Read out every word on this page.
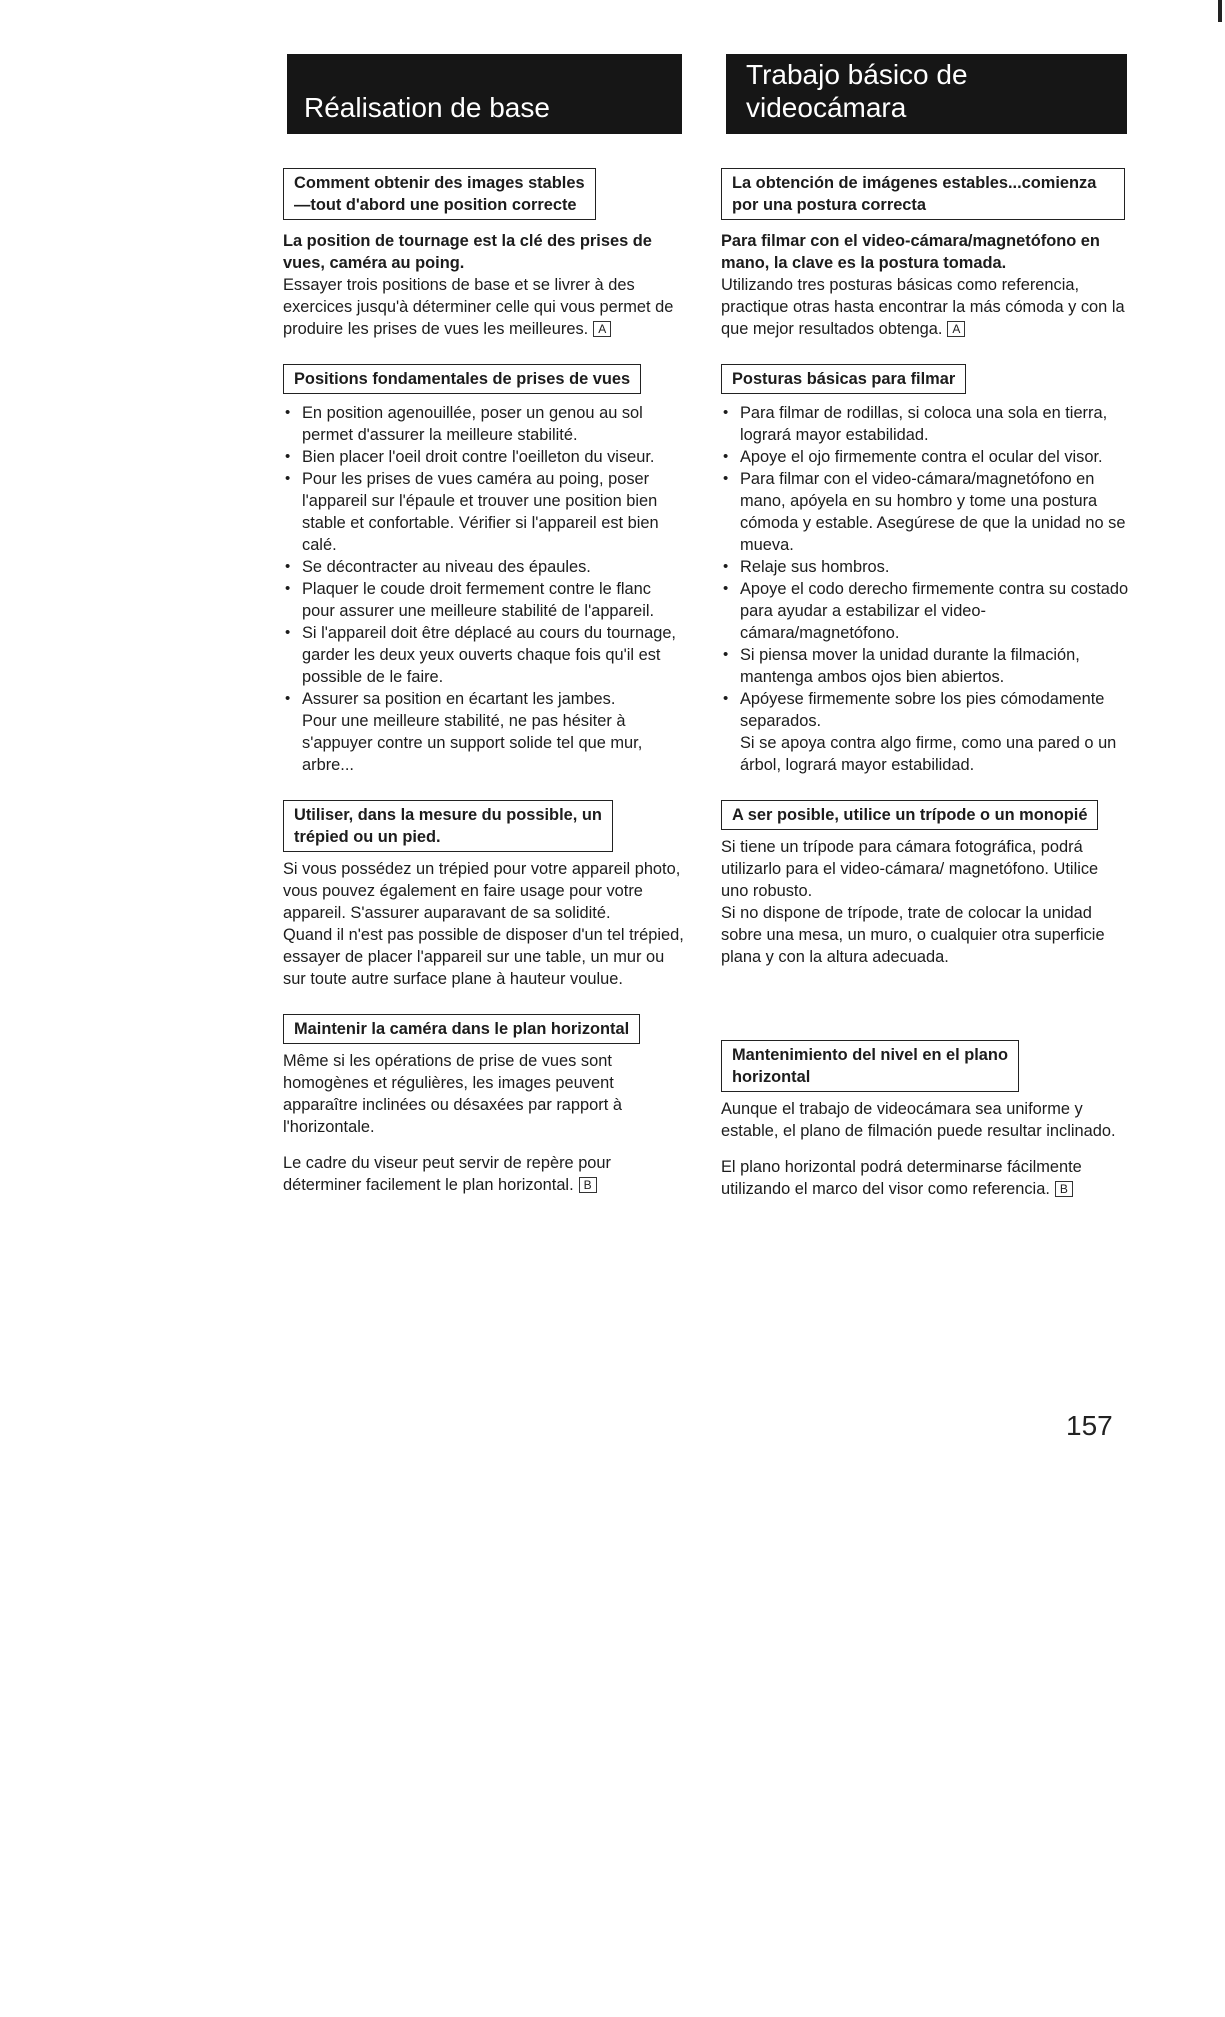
Réalisation de base
Trabajo básico de
videocámara
Comment obtenir des images stables
—tout d'abord une position correcte

La position de tournage est la clé des prises de vues, caméra au poing.

Essayer trois positions de base et se livrer à des exercices jusqu'à déterminer celle qui vous permet de produire les prises de vues les meilleures. A

Positions fondamentales de prises de vues
• En position agenouillée, poser un genou au sol permet d'assurer la meilleure stabilité.
• Bien placer l'oeil droit contre l'oeilleton du viseur.
• Pour les prises de vues caméra au poing, poser l'appareil sur l'épaule et trouver une position bien stable et confortable. Vérifier si l'appareil est bien calé.
• Se décontracter au niveau des épaules.
• Plaquer le coude droit fermement contre le flanc pour assurer une meilleure stabilité de l'appareil.
• Si l'appareil doit être déplacé au cours du tournage, garder les deux yeux ouverts chaque fois qu'il est possible de le faire.
• Assurer sa position en écartant les jambes.

Pour une meilleure stabilité, ne pas hésiter à s'appuyer contre un support solide tel que mur, arbre...

Utiliser, dans la mesure du possible, un
trépied ou un pied.

Si vous possédez un trépied pour votre appareil photo, vous pouvez également en faire usage pour votre appareil. S'assurer auparavant de sa solidité.

Quand il n'est pas possible de disposer d'un tel trépied, essayer de placer l'appareil sur une table, un mur ou sur toute autre surface plane à hauteur voulue.

Maintenir la caméra dans le plan horizontal

Même si les opérations de prise de vues sont homogènes et régulières, les images peuvent apparaître inclinées ou désaxées par rapport à l'horizontale.

Le cadre du viseur peut servir de repère pour déterminer facilement le plan horizontal. B

La obtención de imágenes estables...comienza
por una postura correcta

Para filmar con el video-cámara/magnetófono en mano, la clave es la postura tomada.

Utilizando tres posturas básicas como referencia, practique otras hasta encontrar la más cómoda y con la que mejor resultados obtenga. A

Posturas básicas para filmar
• Para filmar de rodillas, si coloca una sola en tierra, logrará mayor estabilidad.
• Apoye el ojo firmemente contra el ocular del visor.
• Para filmar con el video-cámara/magnetófono en mano, apóyela en su hombro y tome una postura cómoda y estable. Asegúrese de que la unidad no se mueva.
• Relaje sus hombros.
• Apoye el codo derecho firmemente contra su costado para ayudar a estabilizar el video-cámara/magnetófono.
• Si piensa mover la unidad durante la filmación, mantenga ambos ojos bien abiertos.
• Apóyese firmemente sobre los pies cómodamente separados.

Si se apoya contra algo firme, como una pared o un árbol, logrará mayor estabilidad.

A ser posible, utilice un trípode o un monopié

Si tiene un trípode para cámara fotográfica, podrá utilizarlo para el video-cámara/ magnetófono. Utilice uno robusto.

Si no dispone de trípode, trate de colocar la unidad sobre una mesa, un muro, o cualquier otra superficie plana y con la altura adecuada.

Mantenimiento del nivel en el plano
horizontal

Aunque el trabajo de videocámara sea uniforme y estable, el plano de filmación puede resultar inclinado.

El plano horizontal podrá determinarse fácilmente utilizando el marco del visor como referencia. B

157
